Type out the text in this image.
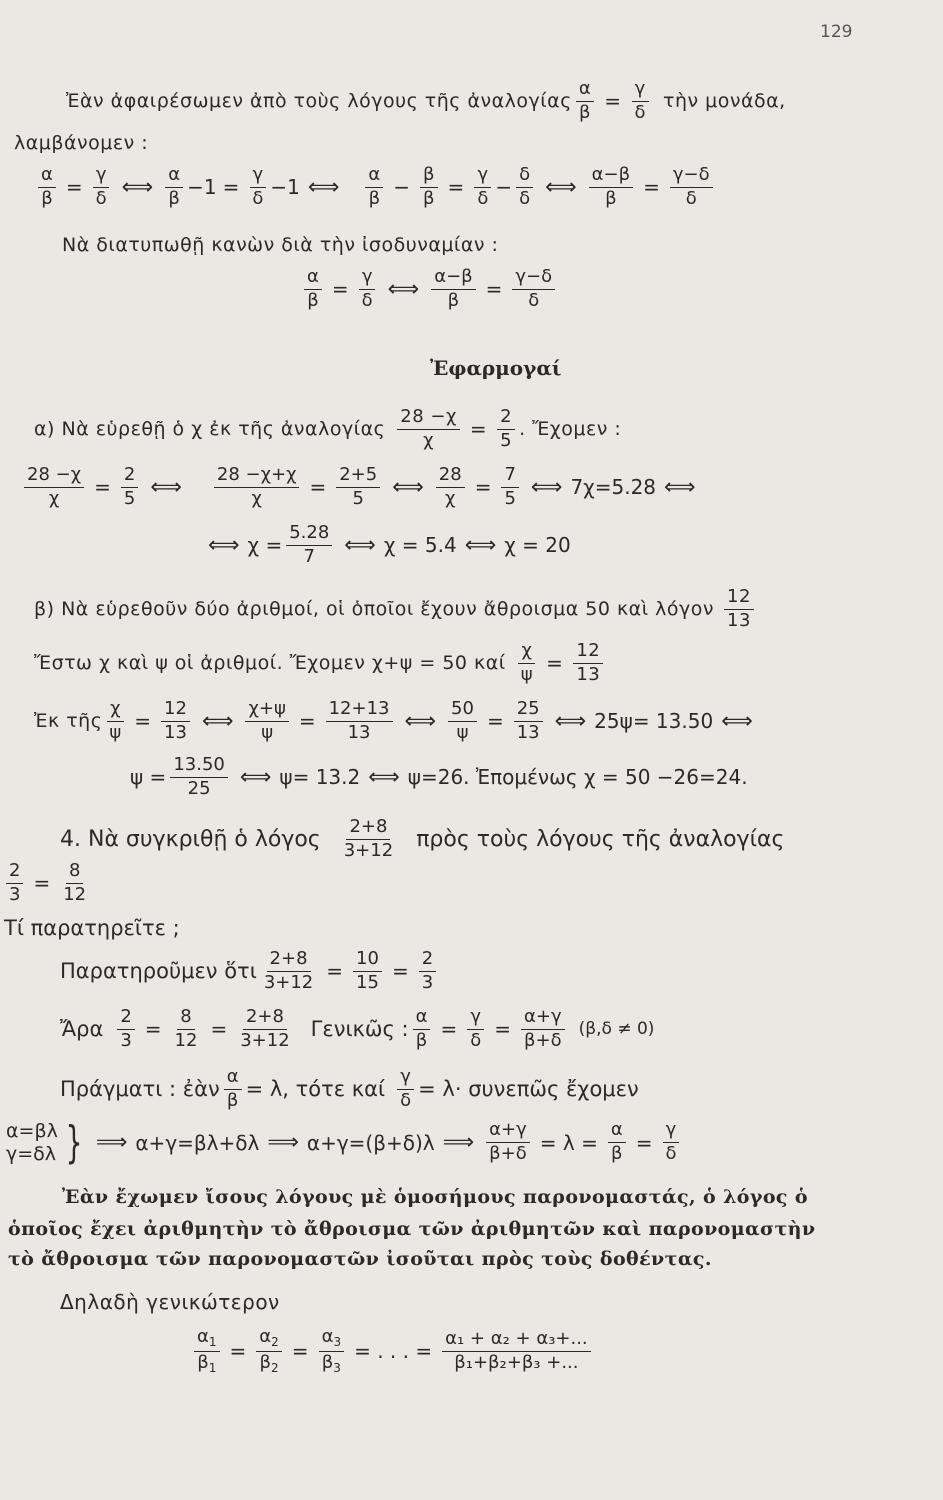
129
Ἐὰν ἀφαιρέσωμεν ἀπὸ τοὺς λόγους τῆς ἀναλογίας $\frac{\alpha}{\beta} = \frac{\gamma}{\delta}$ τὴν μονάδα,
λαμβάνομεν :
$\frac{\alpha}{\beta} = \frac{\gamma}{\delta}$ ⟺
α
$\beta - 1 = \frac{\gamma}{\delta} - 1$ ⟺
α
$\beta - \frac{\beta}{\beta} = \frac{\gamma}{\delta} - \frac{\delta}{\delta}$ ⟺ $\frac{\alpha-\beta}{\beta} = \frac{\gamma-\delta}{\delta}$
Νὰ διατυπωθῇ κανὼν διὰ τὴν ἰσοδυναμίαν :
$\frac{\alpha}{\beta} = \frac{\gamma}{\delta}$ ⟺ $\frac{\alpha-\beta}{\beta} = \frac{\gamma-\delta}{\delta}$
Ἐφαρμογαί
α) Νὰ εὑρεθῇ ὁ χ ἐκ τῆς ἀναλογίας $\frac{28 -\chi}{\chi} = \frac{2}{5}$ . Ἔχομεν :
$\frac{28 -\chi}{\chi} = \frac{2}{5}$ ⟺ $\frac{28 -\chi+\chi}{\chi} = \frac{2+5}{5}$ ⟺ $\frac{28}{\chi} = \frac{7}{5}$ ⟺ 7χ=5.28 ⟺
⟺ $\chi = \frac{5.28}{7}$ ⟺ χ = 5.4 ⟺ χ = 20
β) Νὰ εὑρεθοῦν δύο ἀριθμοί, οἱ ὁποῖοι ἔχουν ἄθροισμα 50 καὶ λόγον
12
13
Ἔστω χ καὶ ψ οἱ ἀριθμοί. Ἔχομεν χ+ψ = 50 καί $\frac{\chi}{\psi} = \frac{12}{13}$
Ἐκ τῆς $\frac{\chi}{\psi} = \frac{12}{13}$ ⟺ $\frac{\chi+\psi}{\psi} = \frac{12+13}{13}$ ⟺ $\frac{50}{\psi} = \frac{25}{13}$ ⟺ 25ψ= 13.50 ⟺
$\psi = \frac{13.50}{25}$ ⟺ ψ= 13.2 ⟺ ψ=26. Ἐπομένως χ = 50 −26=24.
4. Νὰ συγκριθῇ ὁ λόγος
2+8
3+12 πρὸς τοὺς λόγους τῆς ἀναλογίας
$\frac{2}{3} = \frac{8}{12}$
Τί παρατηρεῖτε ;
Παρατηροῦμεν ὅτι $\frac{2+8}{3+12} = \frac{10}{15} = \frac{2}{3}$
Ἄρα $\frac{2}{3} = \frac{8}{12} = \frac{2+8}{3+12}$ Γενικῶς : $\frac{\alpha}{\beta} = \frac{\gamma}{\delta} = \frac{\alpha+\gamma}{\beta+\delta} (\beta,\delta \ne 0)$
Πράγματι : ἐὰν $\frac{\alpha}{\beta} = \lambda$, τότε καί $\frac{\gamma}{\delta} = \lambda\cdot$ συνεπῶς ἔχομεν
α=βλ
γ=δλ } ⟹ α+γ=βλ+δλ ⟹ α+γ=(β+δ)λ ⟹ $\frac{\alpha+\gamma}{\beta+\delta} = \lambda = \frac{\alpha}{\beta} = \frac{\gamma}{\delta}$
Ἐὰν ἔχωμεν ἴσους λόγους μὲ ὁμοσήμους παρονομαστάς, ὁ λόγος ὁ
ὁποῖος ἔχει ἀριθμητὴν τὸ ἄθροισμα τῶν ἀριθμητῶν καὶ παρονομαστὴν
τὸ ἄθροισμα τῶν παρονομαστῶν ἰσοῦται πρὸς τοὺς δοθέντας.
Δηλαδὴ γενικώτερον
$\frac{\alpha_1}{\beta_1} = \frac{\alpha_2}{\beta_2} = \frac{\alpha_3}{\beta_3}$ = . . . = $\frac{\text{α₁ + α₂ + α₃+...}}{\text{β₁+β₂+β₃ +...}}$
